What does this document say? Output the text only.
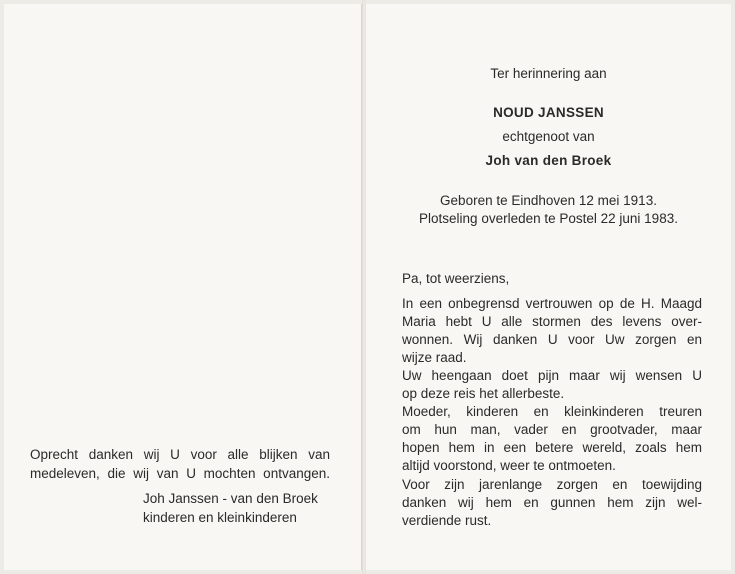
Oprecht danken wij U voor alle blijken van

medeleven, die wij van U mochten ontvangen.

Joh Janssen - van den Broek

kinderen en kleinkinderen

Ter herinnering aan

NOUD JANSSEN

echtgenoot van

Joh van den Broek

Geboren te Eindhoven 12 mei 1913.

Plotseling overleden te Postel 22 juni 1983.

Pa, tot weerziens,

In een onbegrensd vertrouwen op de H. Maagd

Maria hebt U alle stormen des levens over-

wonnen. Wij danken U voor Uw zorgen en

wijze raad.

Uw heengaan doet pijn maar wij wensen U

op deze reis het allerbeste.

Moeder, kinderen en kleinkinderen treuren

om hun man, vader en grootvader, maar

hopen hem in een betere wereld, zoals hem

altijd voorstond, weer te ontmoeten.

Voor zijn jarenlange zorgen en toewijding

danken wij hem en gunnen hem zijn wel-

verdiende rust.
